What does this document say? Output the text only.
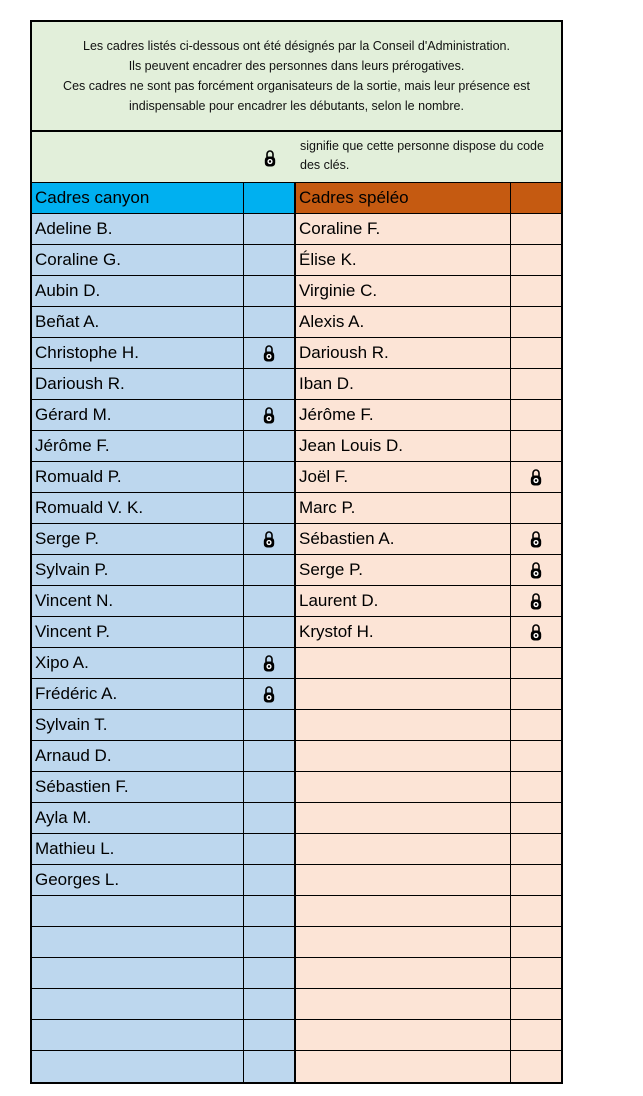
Les cadres listés ci-dessous ont été désignés par la Conseil d'Administration.
Ils peuvent encadrer des personnes dans leurs prérogatives.
Ces cadres ne sont pas forcément organisateurs de la sortie, mais leur présence est
indispensable pour encadrer les débutants, selon le nombre.
signifie que cette personne dispose du code des clés.
Cadres canyon
Adeline B.
Coraline G.
Aubin D.
Beñat A.
Christophe H.
Darioush R.
Gérard M.
Jérôme F.
Romuald P.
Romuald V. K.
Serge P.
Sylvain P.
Vincent N.
Vincent P.
Xipo A.
Frédéric A.
Sylvain T.
Arnaud D.
Sébastien F.
Ayla M.
Mathieu L.
Georges L.
Cadres spéléo
Coraline F.
Élise K.
Virginie C.
Alexis A.
Darioush R.
Iban D.
Jérôme F.
Jean Louis D.
Joël F.
Marc P.
Sébastien A.
Serge P.
Laurent D.
Krystof H.
